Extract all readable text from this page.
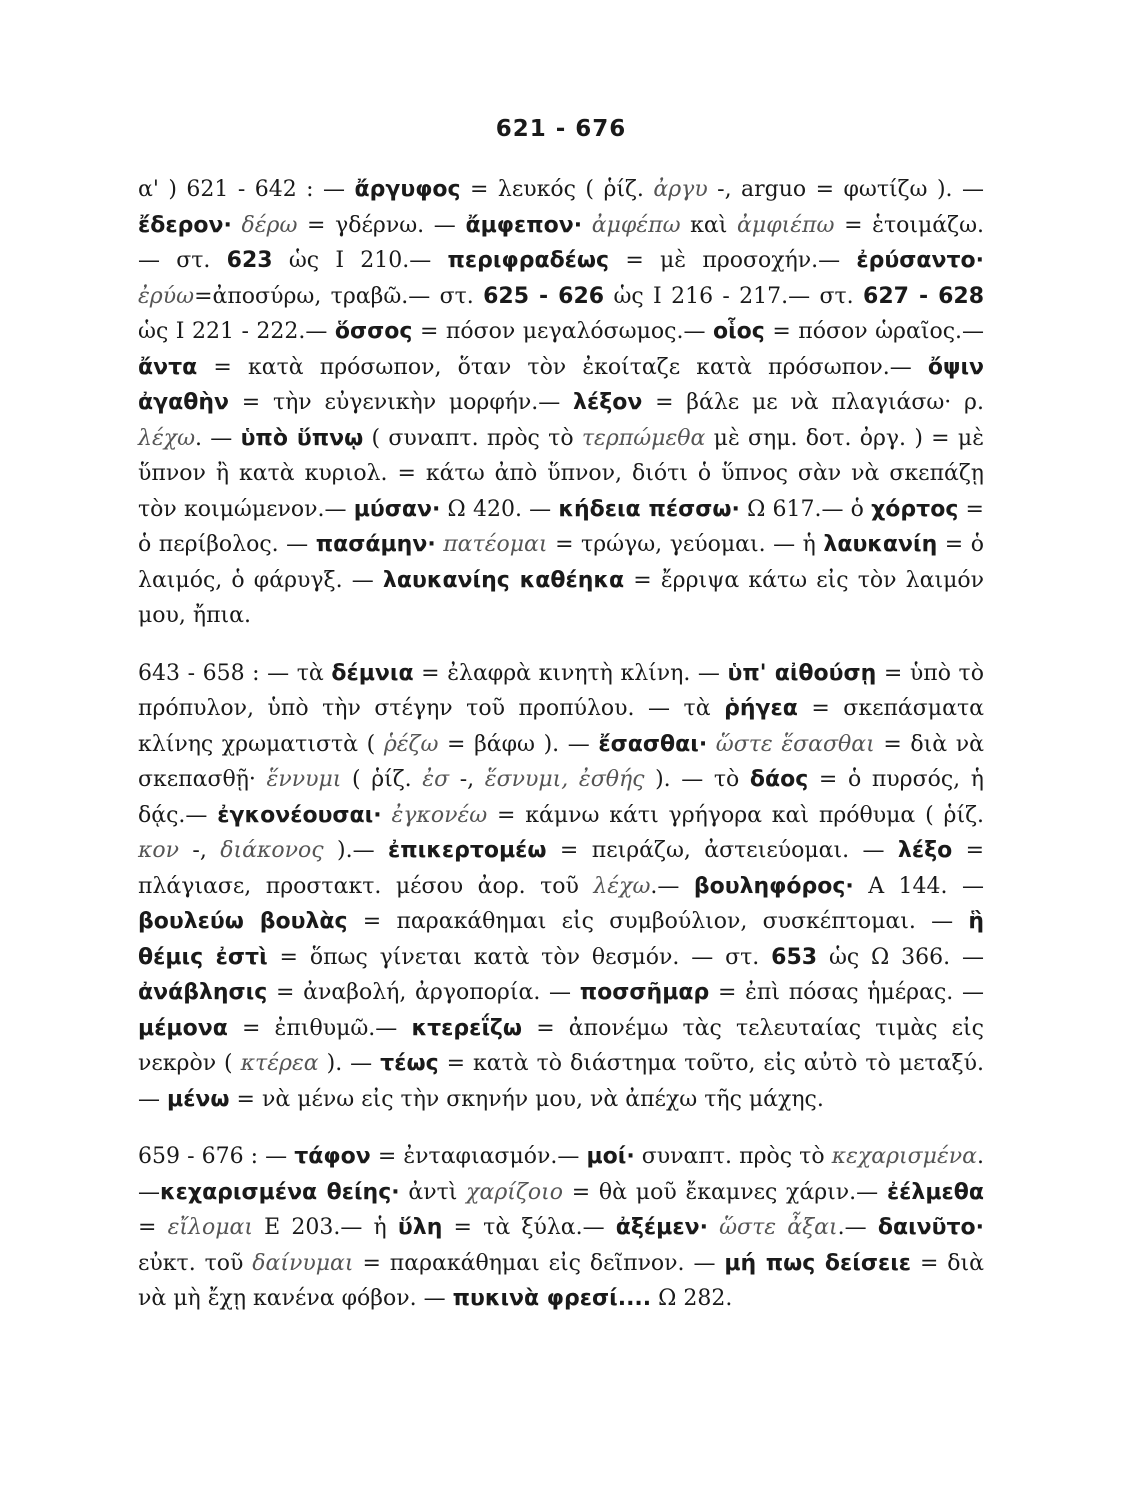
621 - 676

α' ) 621 - 642 : — ἄργυφος = λευκός ( ῥίζ. ἀργυ -, arguo = φωτίζω ). — ἔδερον· δέρω = γδέρνω. — ἄμφεπον· ἀμφέπω καὶ ἀμφιέπω = ἑτοιμάζω. — στ. 623 ὡς Ι 210.— περιφραδέως = μὲ προσοχήν.— ἐρύσαντο· ἐρύω=ἀποσύρω, τραβῶ.— στ. 625 - 626 ὡς Ι 216 - 217.— στ. 627 - 628 ὡς Ι 221 - 222.— ὅσσος = πόσον μεγαλόσωμος.— οἷος = πόσον ὡραῖος.— ἄντα = κατὰ πρόσωπον, ὅταν τὸν ἐκοίταζε κατὰ πρόσωπον.— ὄψιν ἀγαθὴν = τὴν εὐγενικὴν μορφήν.— λέξον = βάλε με νὰ πλαγιάσω· ρ. λέχω. — ὑπὸ ὕπνῳ ( συναπτ. πρὸς τὸ τερπώμεθα μὲ σημ. δοτ. ὀργ. ) = μὲ ὕπνον ἢ κατὰ κυριολ. = κάτω ἀπὸ ὕπνον, διότι ὁ ὕπνος σὰν νὰ σκεπάζῃ τὸν κοιμώμενον.— μύσαν· Ω 420. — κήδεια πέσσω· Ω 617.— ὁ χόρτος = ὁ περίβολος. — πασάμην· πατέομαι = τρώγω, γεύομαι. — ἡ λαυκανίη = ὁ λαιμός, ὁ φάρυγξ. — λαυκανίης καθέηκα = ἔρριψα κάτω εἰς τὸν λαιμόν μου, ἤπια.

643 - 658 : — τὰ δέμνια = ἐλαφρὰ κινητὴ κλίνη. — ὑπ' αἰθούσῃ = ὑπὸ τὸ πρόπυλον, ὑπὸ τὴν στέγην τοῦ προπύλου. — τὰ ῥήγεα = σκεπάσματα κλίνης χρωματιστὰ ( ῥέζω = βάφω ). — ἔσασθαι· ὥστε ἕσασθαι = διὰ νὰ σκεπασθῇ· ἕννυμι ( ῥίζ. ἐσ -, ἕσνυμι, ἐσθής ). — τὸ δάος = ὁ πυρσός, ἡ δᾴς.— ἐγκονέουσαι· ἐγκονέω = κάμνω κάτι γρήγορα καὶ πρόθυμα ( ῥίζ. κον -, διάκονος ).— ἐπικερτομέω = πειράζω, ἀστειεύομαι. — λέξο = πλάγιασε, προστακτ. μέσου ἀορ. τοῦ λέχω.— βουληφόρος· Α 144. — βουλεύω βουλὰς = παρακάθημαι εἰς συμβούλιον, συσκέπτομαι. — ἣ θέμις ἐστὶ = ὅπως γίνεται κατὰ τὸν θεσμόν. — στ. 653 ὡς Ω 366. — ἀνάβλησις = ἀναβολή, ἀργοπορία. — ποσσῆμαρ = ἐπὶ πόσας ἡμέρας. — μέμονα = ἐπιθυμῶ.— κτερεΐζω = ἀπονέμω τὰς τελευταίας τιμὰς εἰς νεκρὸν ( κτέρεα ). — τέως = κατὰ τὸ διάστημα τοῦτο, εἰς αὐτὸ τὸ μεταξύ. — μένω = νὰ μένω εἰς τὴν σκηνήν μου, νὰ ἀπέχω τῆς μάχης.

659 - 676 : — τάφον = ἐνταφιασμόν.— μοί· συναπτ. πρὸς τὸ κεχαρισμένα.—κεχαρισμένα θείης· ἀντὶ χαρίζοιο = θὰ μοῦ ἔκαμνες χάριν.— ἐέλμεθα = εἴλομαι Ε 203.— ἡ ὕλη = τὰ ξύλα.— ἀξέμεν· ὥστε ἆξαι.— δαινῦτο· εὐκτ. τοῦ δαίνυμαι = παρακάθημαι εἰς δεῖπνον. — μή πως δείσειε = διὰ νὰ μὴ ἔχῃ κανένα φόβον. — πυκινὰ φρεσί.... Ω 282.
